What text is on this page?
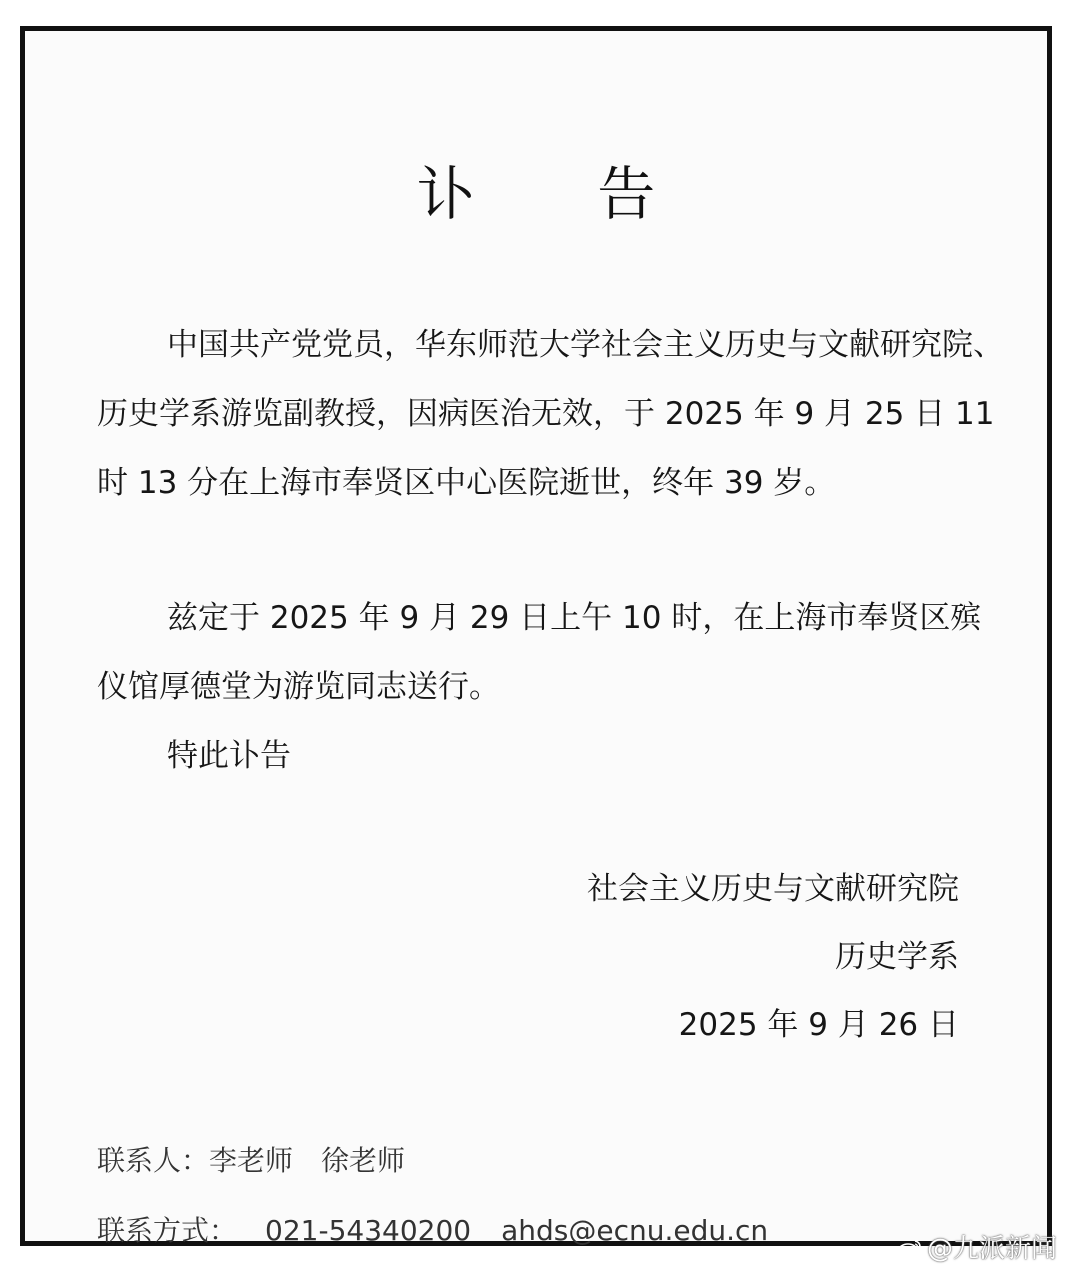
讣 告

中国共产党党员，华东师范大学社会主义历史与文献研究院、历史学系游览副教授，因病医治无效，于 2025 年 9 月 25 日 11 时 13 分在上海市奉贤区中心医院逝世，终年 39 岁。

兹定于 2025 年 9 月 29 日上午 10 时，在上海市奉贤区殡仪馆厚德堂为游览同志送行。

特此讣告

社会主义历史与文献研究院
历史学系
2025 年 9 月 26 日
联系人：李老师 徐老师
联系方式： 021-54340200 ahds@ecnu.edu.cn
@九派新闻
